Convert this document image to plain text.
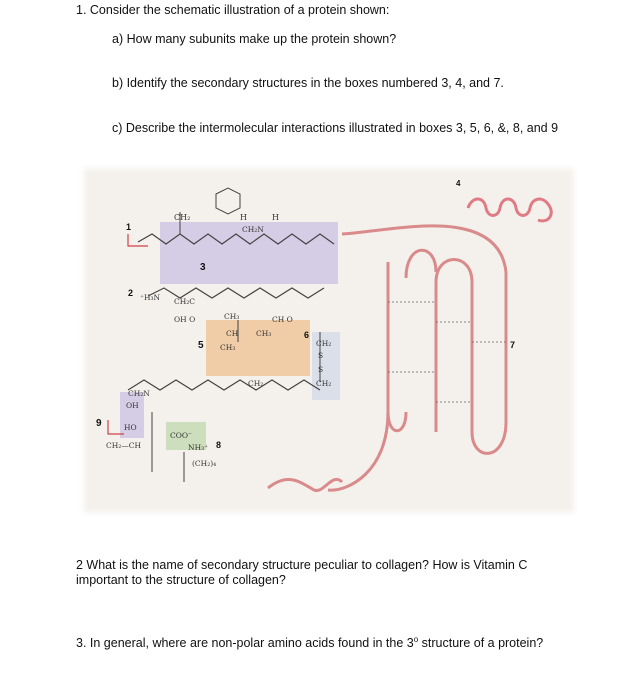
1. Consider the schematic illustration of a protein shown:
a) How many subunits make up the protein shown?
b) Identify the secondary structures in the boxes numbered 3, 4, and 7.
c) Describe the intermolecular interactions illustrated in boxes 3, 5, 6, &, 8, and 9
CH₂	H	H
CH₂N
⁺H₃N CH₂C
OH O	CH₃
CH CH₃
CH₃
CH O
CH₂
S
S
CH₂
OH
HO
COO⁻
NH₃⁺
(CH₂)₄
CH₂—CH
CH₂N
CH₂
1
2
3
4
5
6
7
8
9
2 What is the name of secondary structure peculiar to collagen? How is Vitamin C important to the structure of collagen?
3. In general, where are non-polar amino acids found in the 3$^o$ structure of a protein?
